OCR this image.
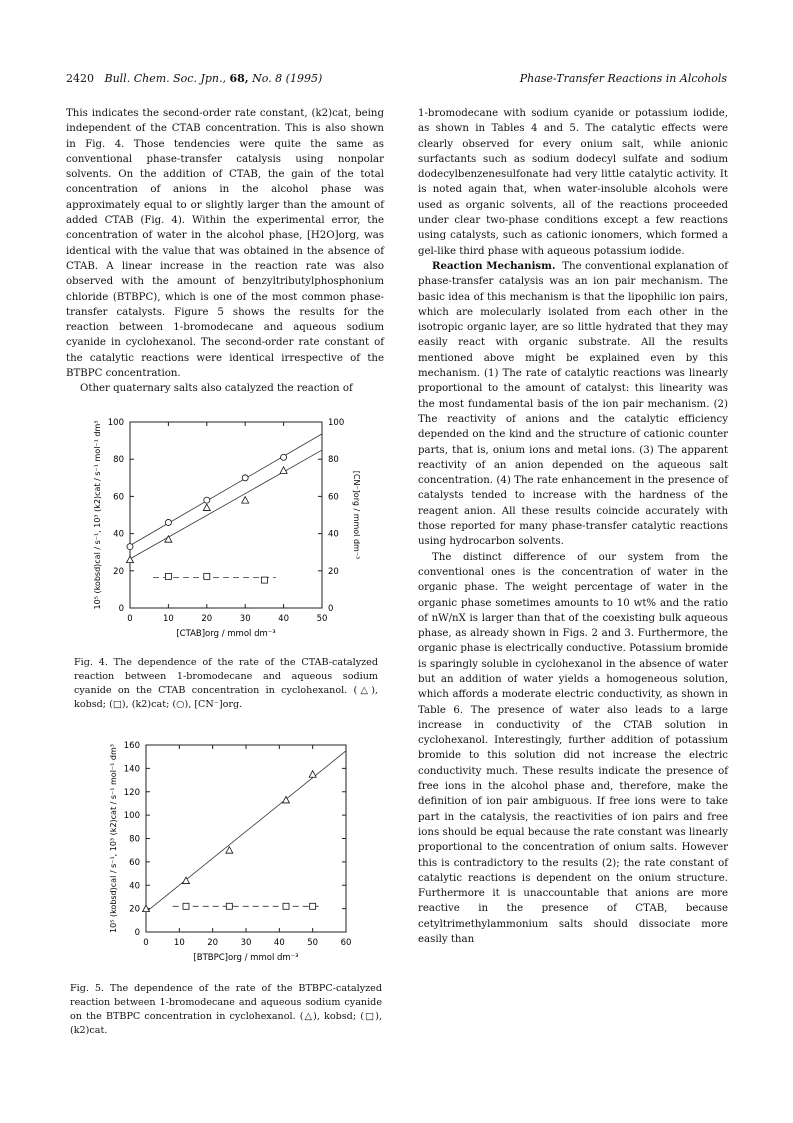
2420 Bull. Chem. Soc. Jpn., 68, No. 8 (1995)	Phase-Transfer Reactions in Alcohols

This indicates the second-order rate constant, (k2)cat, being independent of the CTAB concentration. This is also shown in Fig. 4. Those tendencies were quite the same as conventional phase-transfer catalysis using nonpolar solvents. On the addition of CTAB, the gain of the total concentration of anions in the alcohol phase was approximately equal to or slightly larger than the amount of added CTAB (Fig. 4). Within the experimental error, the concentration of water in the alcohol phase, [H2O]org, was identical with the value that was obtained in the absence of CTAB. A linear increase in the reaction rate was also observed with the amount of benzyltributylphosphonium chloride (BTBPC), which is one of the most common phase-transfer catalysts. Figure 5 shows the results for the reaction between 1-bromodecane and aqueous sodium cyanide in cyclohexanol. The second-order rate constant of the catalytic reactions were identical irrespective of the BTBPC concentration.

Other quaternary salts also catalyzed the reaction of

0	10	20	30	40	50
0
20
40
60
80
100
0
20
40
60
80
100
[CN⁻]org / mmol dm⁻³
[CTAB]org / mmol dm⁻³
10⁵ (kobsd)cal / s⁻¹, 10³ (k2)cat / s⁻¹ mol⁻¹ dm³
Fig. 4. The dependence of the rate of the CTAB-catalyzed reaction between 1-bromodecane and aqueous sodium cyanide on the CTAB concentration in cyclohexanol. (△), kobsd; (□), (k2)cat; (○), [CN⁻]org.
0	10	20	30	40	50	60
0
20
40
60
80
100
120
140
160
[BTBPC]org / mmol dm⁻³
10⁵ (kobsd)cal / s⁻¹, 10³ (k2)cat / s⁻¹ mol⁻¹ dm³
Fig. 5. The dependence of the rate of the BTBPC-catalyzed reaction between 1-bromodecane and aqueous sodium cyanide on the BTBPC concentration in cyclohexanol. (△), kobsd; (□), (k2)cat.

1-bromodecane with sodium cyanide or potassium iodide, as shown in Tables 4 and 5. The catalytic effects were clearly observed for every onium salt, while anionic surfactants such as sodium dodecyl sulfate and sodium dodecylbenzenesulfonate had very little catalytic activity. It is noted again that, when water-insoluble alcohols were used as organic solvents, all of the reactions proceeded under clear two-phase conditions except a few reactions using catalysts, such as cationic ionomers, which formed a gel-like third phase with aqueous potassium iodide.

Reaction Mechanism. The conventional explanation of phase-transfer catalysis was an ion pair mechanism. The basic idea of this mechanism is that the lipophilic ion pairs, which are molecularly isolated from each other in the isotropic organic layer, are so little hydrated that they may easily react with organic substrate. All the results mentioned above might be explained even by this mechanism. (1) The rate of catalytic reactions was linearly proportional to the amount of catalyst: this linearity was the most fundamental basis of the ion pair mechanism. (2) The reactivity of anions and the catalytic efficiency depended on the kind and the structure of cationic counter parts, that is, onium ions and metal ions. (3) The apparent reactivity of an anion depended on the aqueous salt concentration. (4) The rate enhancement in the presence of catalysts tended to increase with the hardness of the reagent anion. All these results coincide accurately with those reported for many phase-transfer catalytic reactions using hydrocarbon solvents.

The distinct difference of our system from the conventional ones is the concentration of water in the organic phase. The weight percentage of water in the organic phase sometimes amounts to 10 wt% and the ratio of nW/nX is larger than that of the coexisting bulk aqueous phase, as already shown in Figs. 2 and 3. Furthermore, the organic phase is electrically conductive. Potassium bromide is sparingly soluble in cyclohexanol in the absence of water but an addition of water yields a homogeneous solution, which affords a moderate electric conductivity, as shown in Table 6. The presence of water also leads to a large increase in conductivity of the CTAB solution in cyclohexanol. Interestingly, further addition of potassium bromide to this solution did not increase the electric conductivity much. These results indicate the presence of free ions in the alcohol phase and, therefore, make the definition of ion pair ambiguous. If free ions were to take part in the catalysis, the reactivities of ion pairs and free ions should be equal because the rate constant was linearly proportional to the concentration of onium salts. However this is contradictory to the results (2); the rate constant of catalytic reactions is dependent on the onium structure. Furthermore it is unaccountable that anions are more reactive in the presence of CTAB, because cetyltrimethylammonium salts should dissociate more easily than
